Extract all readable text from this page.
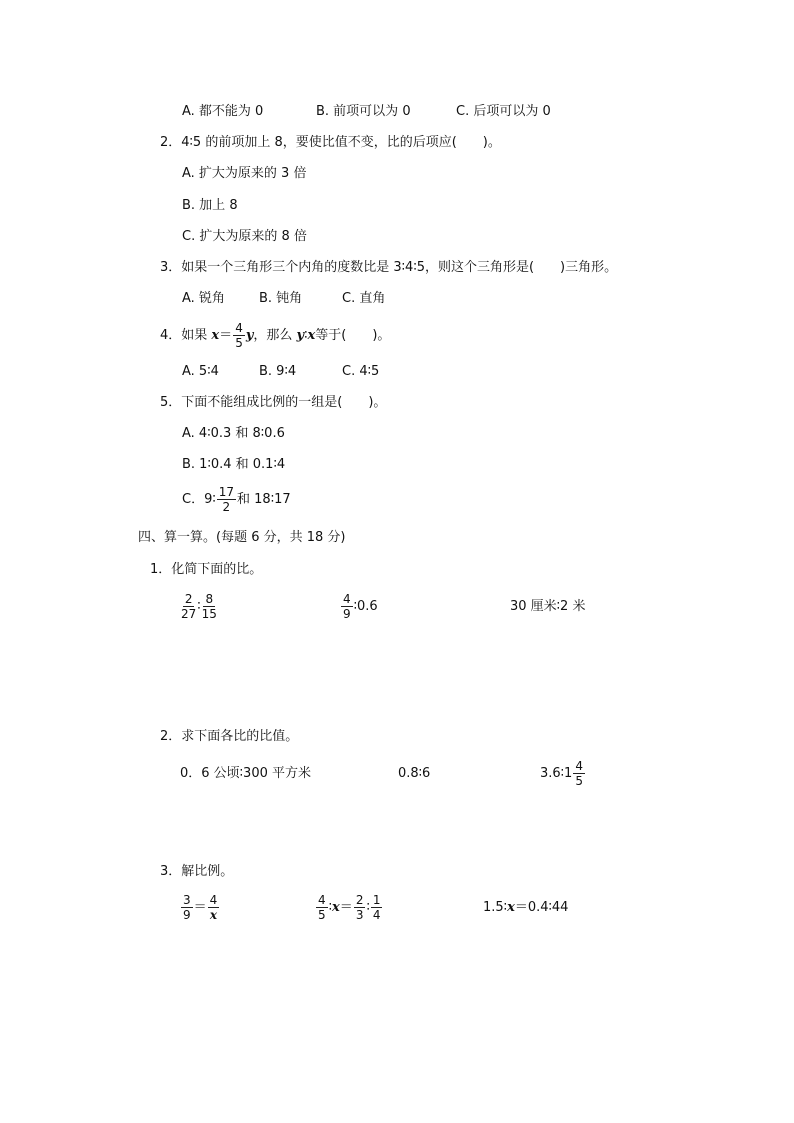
A. 都不能为 0	B. 前项可以为 0	C. 后项可以为 0
2．4∶5 的前项加上 8，要使比值不变，比的后项应(　　)。
A. 扩大为原来的 3 倍
B. 加上 8
C. 扩大为原来的 8 倍
3．如果一个三角形三个内角的度数比是 3∶4∶5，则这个三角形是(　　)三角形。
A. 锐角	B. 钝角	C. 直角
4．如果 $x= \frac{4}{5}$ y，那么 y∶x等于(　　)。
A. 5∶4	B. 9∶4	C. 4∶5
5．下面不能组成比例的一组是(　　)。
A. 4∶0.3 和 8∶0.6
B. 1∶0.4 和 0.1∶4
C．9∶ $\frac{17}{2}$ 和 18∶17
四、算一算。(每题 6 分，共 18 分)
1．化简下面的比。
$\frac{2}{27}$ ∶ $\frac{8}{15}$	$\frac{4}{9}$ ∶0.6	30 厘米∶2 米
2．求下面各比的比值。
0．6 公顷∶300 平方米	0.8∶6	3.6∶1 $\frac{4}{5}$
3．解比例。
$\frac{3}{9} = \frac{4}{x}$	$\frac{4}{5}$ ∶x＝ $\frac{2}{3}$ ∶ $\frac{1}{4}$	1.5∶x＝0.4∶44
